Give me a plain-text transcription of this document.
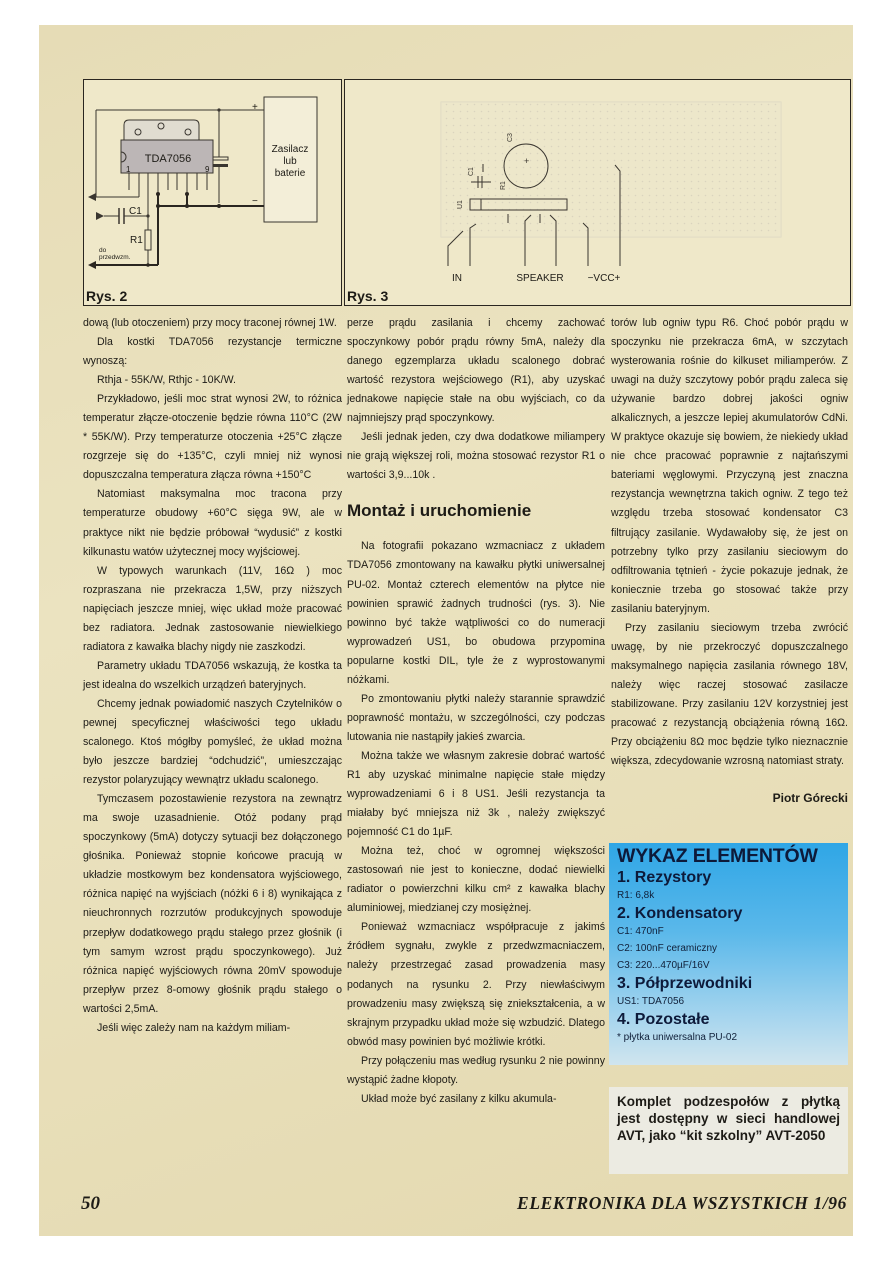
Zasilacz
lub
baterie
+
−
TDA7056
1	9
C1
R1
do
przedwzm.
Rys. 2
+
C3
C1
R1
U1
IN	SPEAKER −VCC+
Rys. 3

dową (lub otoczeniem) przy mocy traconej równej 1W.

Dla kostki TDA7056 rezystancje termiczne wynoszą:

Rthja - 55K/W, Rthjc - 10K/W.

Przykładowo, jeśli moc strat wynosi 2W, to różnica temperatur złącze-otoczenie będzie równa 110°C (2W * 55K/W). Przy temperaturze otoczenia +25°C złącze rozgrzeje się do +135°C, czyli mniej niż wynosi dopuszczalna temperatura złącza równa +150°C

Natomiast maksymalna moc tracona przy temperaturze obudowy +60°C sięga 9W, ale w praktyce nikt nie będzie próbował “wydusić” z kostki kilkunastu watów użytecznej mocy wyjściowej.

W typowych warunkach (11V, 16Ω ) moc rozpraszana nie przekracza 1,5W, przy niższych napięciach jeszcze mniej, więc układ może pracować bez radiatora. Jednak zastosowanie niewielkiego radiatora z kawałka blachy nigdy nie zaszkodzi.

Parametry układu TDA7056 wskazują, że kostka ta jest idealna do wszelkich urządzeń bateryjnych.

Chcemy jednak powiadomić naszych Czytelników o pewnej specyficznej właściwości tego układu scalonego. Ktoś mógłby pomyśleć, że układ można było jeszcze bardziej “odchudzić”, umieszczając rezystor polaryzujący wewnątrz układu scalonego.

Tymczasem pozostawienie rezystora na zewnątrz ma swoje uzasadnienie. Otóż podany prąd spoczynkowy (5mA) dotyczy sytuacji bez dołączonego głośnika. Ponieważ stopnie końcowe pracują w układzie mostkowym bez kondensatora wyjściowego, różnica napięć na wyjściach (nóżki 6 i 8) wynikająca z nieuchronnych rozrzutów produkcyjnych spowoduje przepływ dodatkowego prądu stałego przez głośnik (i tym samym wzrost prądu spoczynkowego). Już różnica napięć wyjściowych równa 20mV spowoduje przepływ przez 8-omowy głośnik prądu stałego o wartości 2,5mA.

Jeśli więc zależy nam na każdym miliam-

perze prądu zasilania i chcemy zachować spoczynkowy pobór prądu równy 5mA, należy dla danego egzemplarza układu scalonego dobrać wartość rezystora wejściowego (R1), aby uzyskać jednakowe napięcie stałe na obu wyjściach, co da najmniejszy prąd spoczynkowy.

Jeśli jednak jeden, czy dwa dodatkowe miliampery nie grają większej roli, można stosować rezystor R1 o wartości 3,9...10k .

Montaż i uruchomienie

Na fotografii pokazano wzmacniacz z układem TDA7056 zmontowany na kawałku płytki uniwersalnej PU-02. Montaż czterech elementów na płytce nie powinien sprawić żadnych trudności (rys. 3). Nie powinno być także wątpliwości co do numeracji wyprowadzeń US1, bo obudowa przypomina popularne kostki DIL, tyle że z wyprostowanymi nóżkami.

Po zmontowaniu płytki należy starannie sprawdzić poprawność montażu, w szczególności, czy podczas lutowania nie nastąpiły jakieś zwarcia.

Można także we własnym zakresie dobrać wartość R1 aby uzyskać minimalne napięcie stałe między wyprowadzeniami 6 i 8 US1. Jeśli rezystancja ta miałaby być mniejsza niż 3k , należy zwiększyć pojemność C1 do 1µF.

Można też, choć w ogromnej większości zastosowań nie jest to konieczne, dodać niewielki radiator o powierzchni kilku cm² z kawałka blachy aluminiowej, miedzianej czy mosiężnej.

Ponieważ wzmacniacz współpracuje z jakimś źródłem sygnału, zwykle z przedwzmacniaczem, należy przestrzegać zasad prowadzenia masy podanych na rysunku 2. Przy niewłaściwym prowadzeniu masy zwiększą się zniekształcenia, a w skrajnym przypadku układ może się wzbudzić. Dlatego obwód masy powinien być możliwie krótki.

Przy połączeniu mas według rysunku 2 nie powinny wystąpić żadne kłopoty.

Układ może być zasilany z kilku akumula-

torów lub ogniw typu R6. Choć pobór prądu w spoczynku nie przekracza 6mA, w szczytach wysterowania rośnie do kilkuset miliamperów. Z uwagi na duży szczytowy pobór prądu zaleca się używanie bardzo dobrej jakości ogniw alkalicznych, a jeszcze lepiej akumulatorów CdNi. W praktyce okazuje się bowiem, że niekiedy układ nie chce pracować poprawnie z najtańszymi bateriami węglowymi. Przyczyną jest znaczna rezystancja wewnętrzna takich ogniw. Z tego też względu trzeba stosować kondensator C3 filtrujący zasilanie. Wydawałoby się, że jest on potrzebny tylko przy zasilaniu sieciowym do odfiltrowania tętnień - życie pokazuje jednak, że koniecznie trzeba go stosować także przy zasilaniu bateryjnym.

Przy zasilaniu sieciowym trzeba zwrócić uwagę, by nie przekroczyć dopuszczalnego maksymalnego napięcia zasilania równego 18V, należy więc raczej stosować zasilacze stabilizowane. Przy zasilaniu 12V korzystniej jest pracować z rezystancją obciążenia równą 16Ω. Przy obciążeniu 8Ω moc będzie tylko nieznacznie większa, zdecydowanie wzrosną natomiast straty.

Piotr Górecki
WYKAZ ELEMENTÓW
1. Rezystory
R1: 6,8k
2. Kondensatory
C1: 470nF
C2: 100nF ceramiczny
C3: 220...470µF/16V
3. Półprzewodniki
US1: TDA7056
4. Pozostałe
* płytka uniwersalna PU-02
Komplet podzespołów z płytką jest dostępny w sieci handlowej AVT, jako “kit szkolny” AVT-2050
50	ELEKTRONIKA DLA WSZYSTKICH 1/96
